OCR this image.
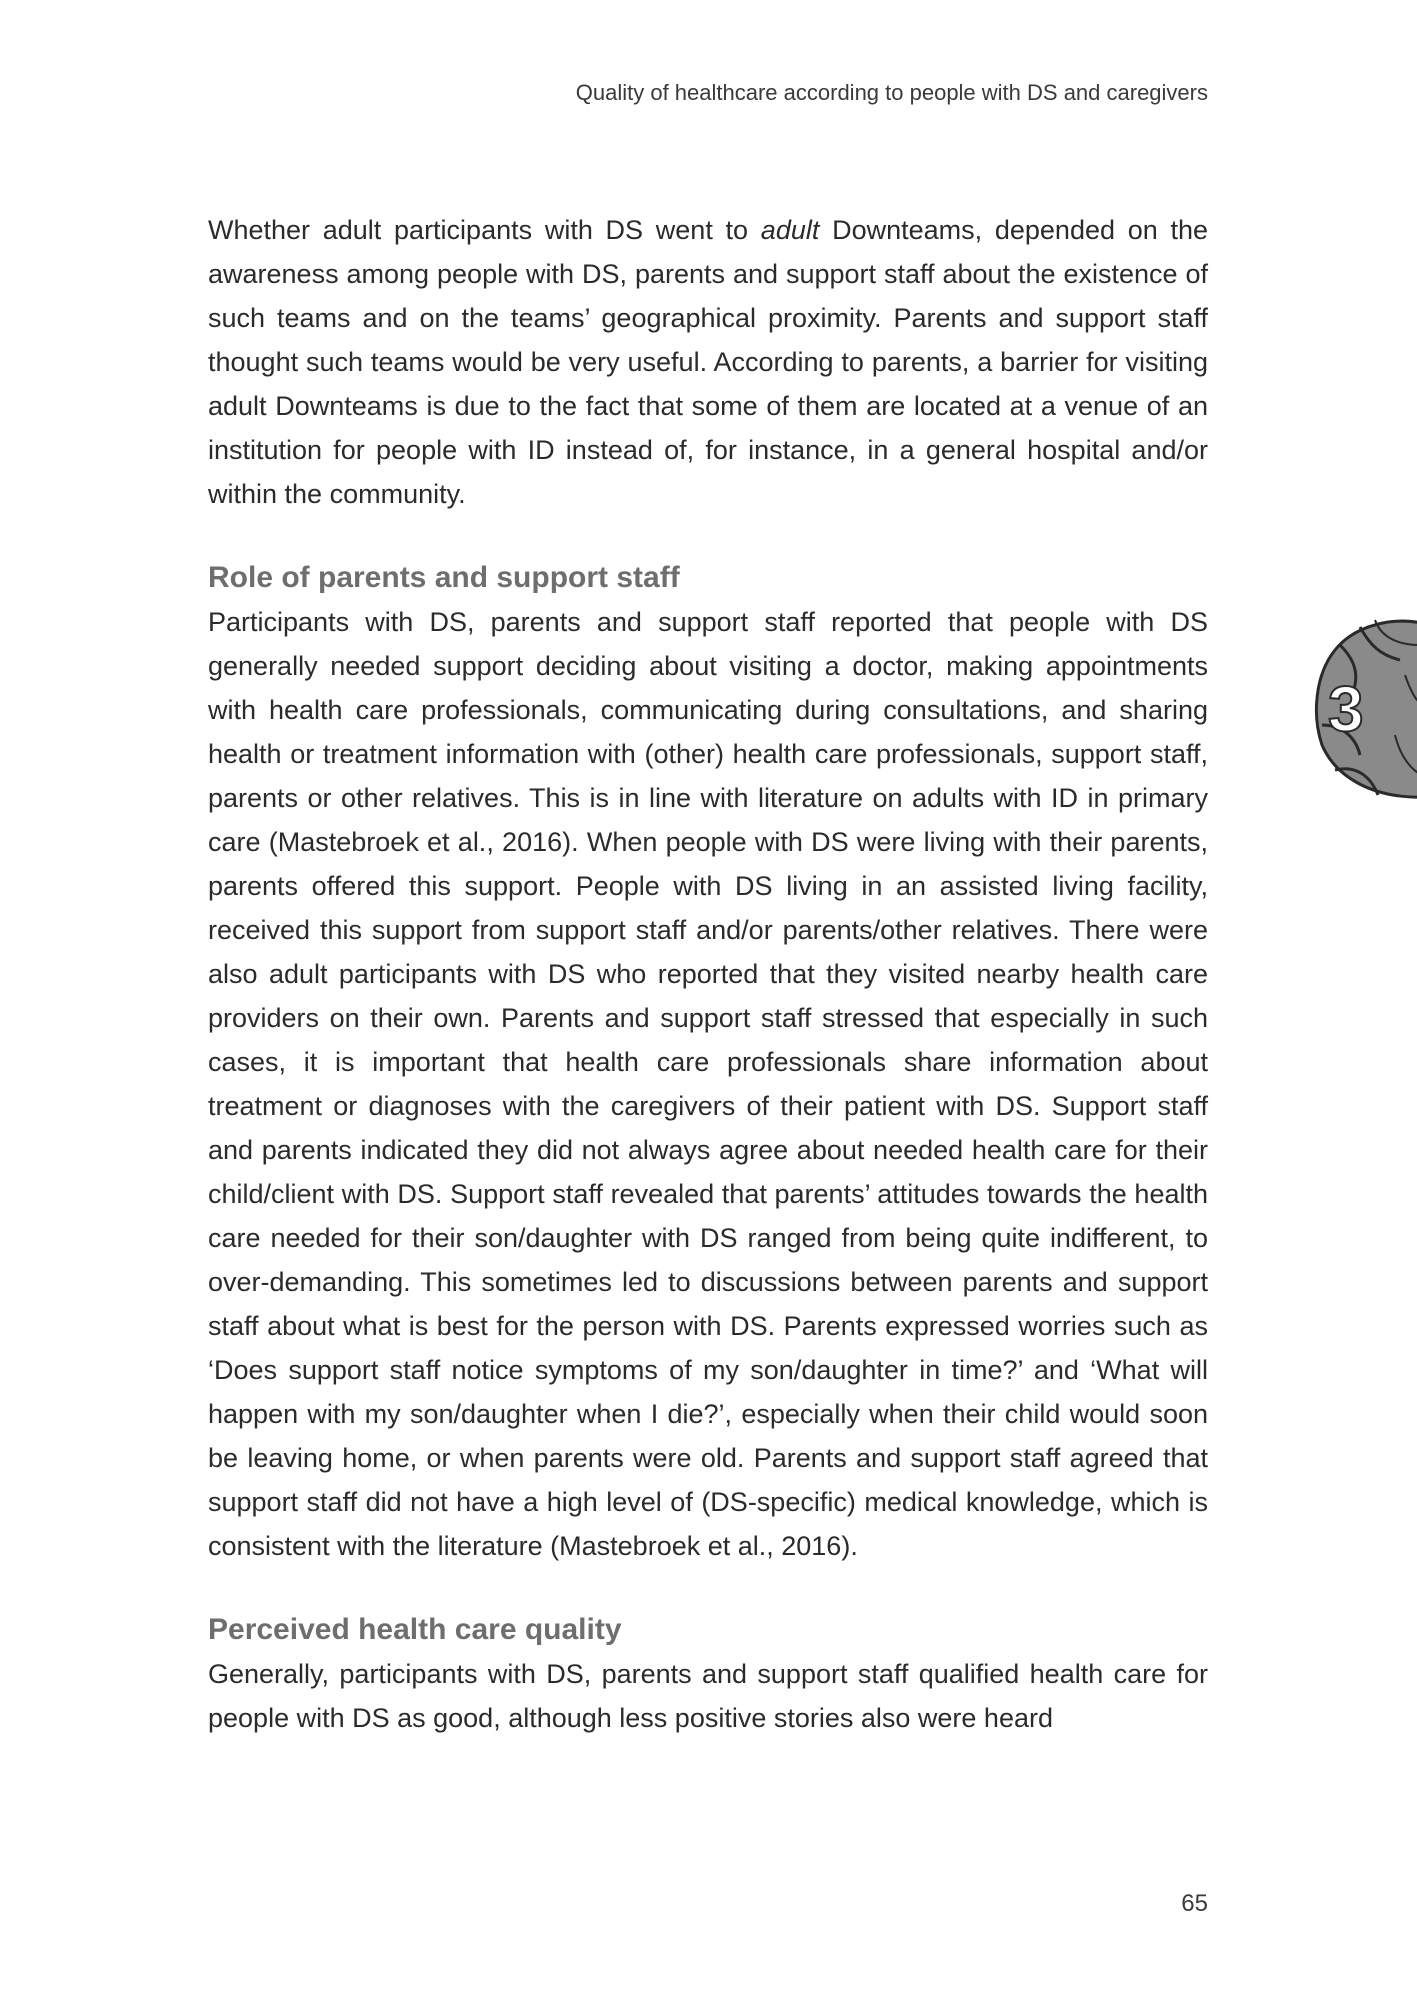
Quality of healthcare according to people with DS and caregivers

Whether adult participants with DS went to adult Downteams, depended on the awareness among people with DS, parents and support staff about the existence of such teams and on the teams’ geographical proximity. Parents and support staff thought such teams would be very useful. According to parents, a barrier for visiting adult Downteams is due to the fact that some of them are located at a venue of an institution for people with ID instead of, for instance, in a general hospital and/or within the community.

Role of parents and support staff

Participants with DS, parents and support staff reported that people with DS generally needed support deciding about visiting a doctor, making appointments with health care professionals, communicating during consultations, and sharing health or treatment information with (other) health care professionals, support staff, parents or other relatives. This is in line with literature on adults with ID in primary care (Mastebroek et al., 2016). When people with DS were living with their parents, parents offered this support. People with DS living in an assisted living facility, received this support from support staff and/or parents/other relatives. There were also adult participants with DS who reported that they visited nearby health care providers on their own. Parents and support staff stressed that especially in such cases, it is important that health care professionals share information about treatment or diagnoses with the caregivers of their patient with DS. Support staff and parents indicated they did not always agree about needed health care for their child/client with DS. Support staff revealed that parents’ attitudes towards the health care needed for their son/daughter with DS ranged from being quite indifferent, to over-demanding. This sometimes led to discussions between parents and support staff about what is best for the person with DS. Parents expressed worries such as ‘Does support staff notice symptoms of my son/daughter in time?’ and ‘What will happen with my son/daughter when I die?’, especially when their child would soon be leaving home, or when parents were old. Parents and support staff agreed that support staff did not have a high level of (DS-specific) medical knowledge, which is consistent with the literature (Mastebroek et al., 2016).

Perceived health care quality

Generally, participants with DS, parents and support staff qualified health care for people with DS as good, although less positive stories also were heard

3
65
